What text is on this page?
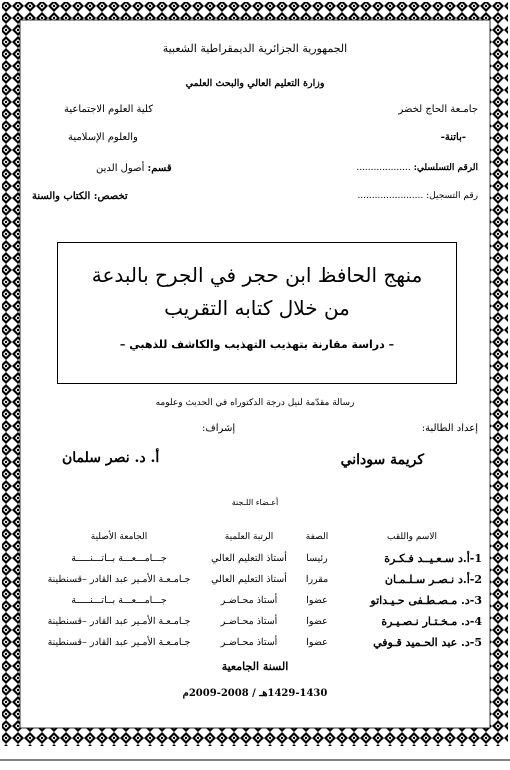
الجمهورية الجزائرية الديمقراطية الشعبية
وزارة التعليم العالي والبحث العلمي
جامـعة الحاج لخضر
-باتنة-
كلية العلوم الاجتماعية
والعلوم الإسلامية
الرقم التسلسلي: ...................
قسم: أصول الدين
رقم التسجيل: .......................
تخصص: الكتاب والسنة
منهج الحافظ ابن حجر في الجرح بالبدعة
من خلال كتابه التقريب
– دراسة مقارنة بتهذيب التهذيب والكاشف للذهبي –
رسالة مقدّمة لنيل درجة الدكتوراه في الحديث وعلومه
إعداد الطالبة:
إشراف:
كريمة سوداني
أ. د. نصر سلمان
أعـضاء اللـجنة
الاسم واللقب	الصفة	الرتبة العلمية	الجامعة الأصلية
1-أ.د سـعـيــد فـكـرة	رئيسا	أستاذ التعليم العالي	جـــامـــعـــة بــاتـــنـــــة
2-أ.د نـصـر سـلـمـان	مقررا	أستاذ التعليم العالي	جـامـعـة الأمـير عبد القادر –قسنطينة
3-د. مـصـطـفى حـيـداتو	عضوا	أستاذ محـاضـر	جـــامـــعـــة بــاتـــنـــــة
4-د. مـخـتـار نـصـيـرة	عضوا	أستاذ محـاضـر	جـامـعـة الأمـير عبد القادر –قسنطينة
5-د. عبد الحـميد قـوفي	عضوا	أستاذ محـاضـر	جـامـعـة الأمـير عبد القادر –قسنطينة
السنة الجامعية
1429-1430هـ / 2008-2009م
